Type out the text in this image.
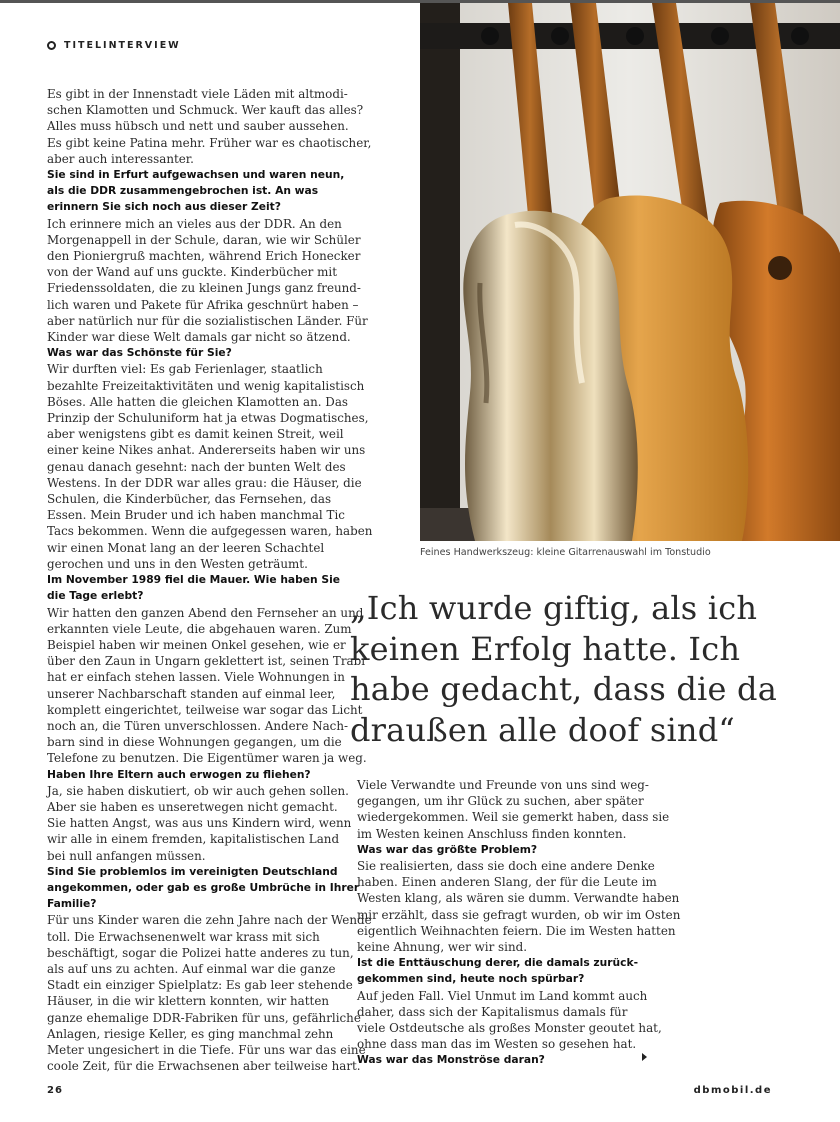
TITELINTERVIEW
Es gibt in der Innenstadt viele Läden mit altmodi-
schen Klamotten und Schmuck. Wer kauft das alles?
Alles muss hübsch und nett und sauber aussehen.
Es gibt keine Patina mehr. Früher war es chaotischer,
aber auch interessanter.
Sie sind in Erfurt aufgewachsen und waren neun,
als die DDR zusammengebrochen ist. An was
erinnern Sie sich noch aus dieser Zeit?
Ich erinnere mich an vieles aus der DDR. An den
Morgenappell in der Schule, daran, wie wir Schüler
den Pioniergruß machten, während Erich Honecker
von der Wand auf uns guckte. Kinderbücher mit
Friedenssoldaten, die zu kleinen Jungs ganz freund-
lich waren und Pakete für Afrika geschnürt haben –
aber natürlich nur für die sozialistischen Länder. Für
Kinder war diese Welt damals gar nicht so ätzend.
Was war das Schönste für Sie?
Wir durften viel: Es gab Ferienlager, staatlich
bezahlte Freizeitaktivitäten und wenig kapitalistisch
Böses. Alle hatten die gleichen Klamotten an. Das
Prinzip der Schuluniform hat ja etwas Dogmatisches,
aber wenigstens gibt es damit keinen Streit, weil
einer keine Nikes anhat. Andererseits haben wir uns
genau danach gesehnt: nach der bunten Welt des
Westens. In der DDR war alles grau: die Häuser, die
Schulen, die Kinderbücher, das Fernsehen, das
Essen. Mein Bruder und ich haben manchmal Tic
Tacs bekommen. Wenn die aufgegessen waren, haben
wir einen Monat lang an der leeren Schachtel
gerochen und uns in den Westen geträumt.
Im November 1989 fiel die Mauer. Wie haben Sie
die Tage erlebt?
Wir hatten den ganzen Abend den Fernseher an und
erkannten viele Leute, die abgehauen waren. Zum
Beispiel haben wir meinen Onkel gesehen, wie er
über den Zaun in Ungarn geklettert ist, seinen Trabi
hat er einfach stehen lassen. Viele Wohnungen in
unserer Nachbarschaft standen auf einmal leer,
komplett eingerichtet, teilweise war sogar das Licht
noch an, die Türen unverschlossen. Andere Nach-
barn sind in diese Wohnungen gegangen, um die
Telefone zu benutzen. Die Eigentümer waren ja weg.
Haben Ihre Eltern auch erwogen zu fliehen?
Ja, sie haben diskutiert, ob wir auch gehen sollen.
Aber sie haben es unseretwegen nicht gemacht.
Sie hatten Angst, was aus uns Kindern wird, wenn
wir alle in einem fremden, kapitalistischen Land
bei null anfangen müssen.
Sind Sie problemlos im vereinigten Deutschland
angekommen, oder gab es große Umbrüche in Ihrer
Familie?
Für uns Kinder waren die zehn Jahre nach der Wende
toll. Die Erwachsenenwelt war krass mit sich
beschäftigt, sogar die Polizei hatte anderes zu tun,
als auf uns zu achten. Auf einmal war die ganze
Stadt ein einziger Spielplatz: Es gab leer stehende
Häuser, in die wir klettern konnten, wir hatten
ganze ehemalige DDR-Fabriken für uns, gefährliche
Anlagen, riesige Keller, es ging manchmal zehn
Meter ungesichert in die Tiefe. Für uns war das eine
coole Zeit, für die Erwachsenen aber teilweise hart.
Feines Handwerkszeug: kleine Gitarrenauswahl im Tonstudio
„Ich wurde giftig, als ich
keinen Erfolg hatte. Ich
habe gedacht, dass die da
draußen alle doof sind“
Viele Verwandte und Freunde von uns sind weg-
gegangen, um ihr Glück zu suchen, aber später
wiedergekommen. Weil sie gemerkt haben, dass sie
im Westen keinen Anschluss finden konnten.
Was war das größte Problem?
Sie realisierten, dass sie doch eine andere Denke
haben. Einen anderen Slang, der für die Leute im
Westen klang, als wären sie dumm. Verwandte haben
mir erzählt, dass sie gefragt wurden, ob wir im Osten
eigentlich Weihnachten feiern. Die im Westen hatten
keine Ahnung, wer wir sind.
Ist die Enttäuschung derer, die damals zurück-
gekommen sind, heute noch spürbar?
Auf jeden Fall. Viel Unmut im Land kommt auch
daher, dass sich der Kapitalismus damals für
viele Ostdeutsche als großes Monster geoutet hat,
ohne dass man das im Westen so gesehen hat.
Was war das Monströse daran?
26	dbmobil.de
